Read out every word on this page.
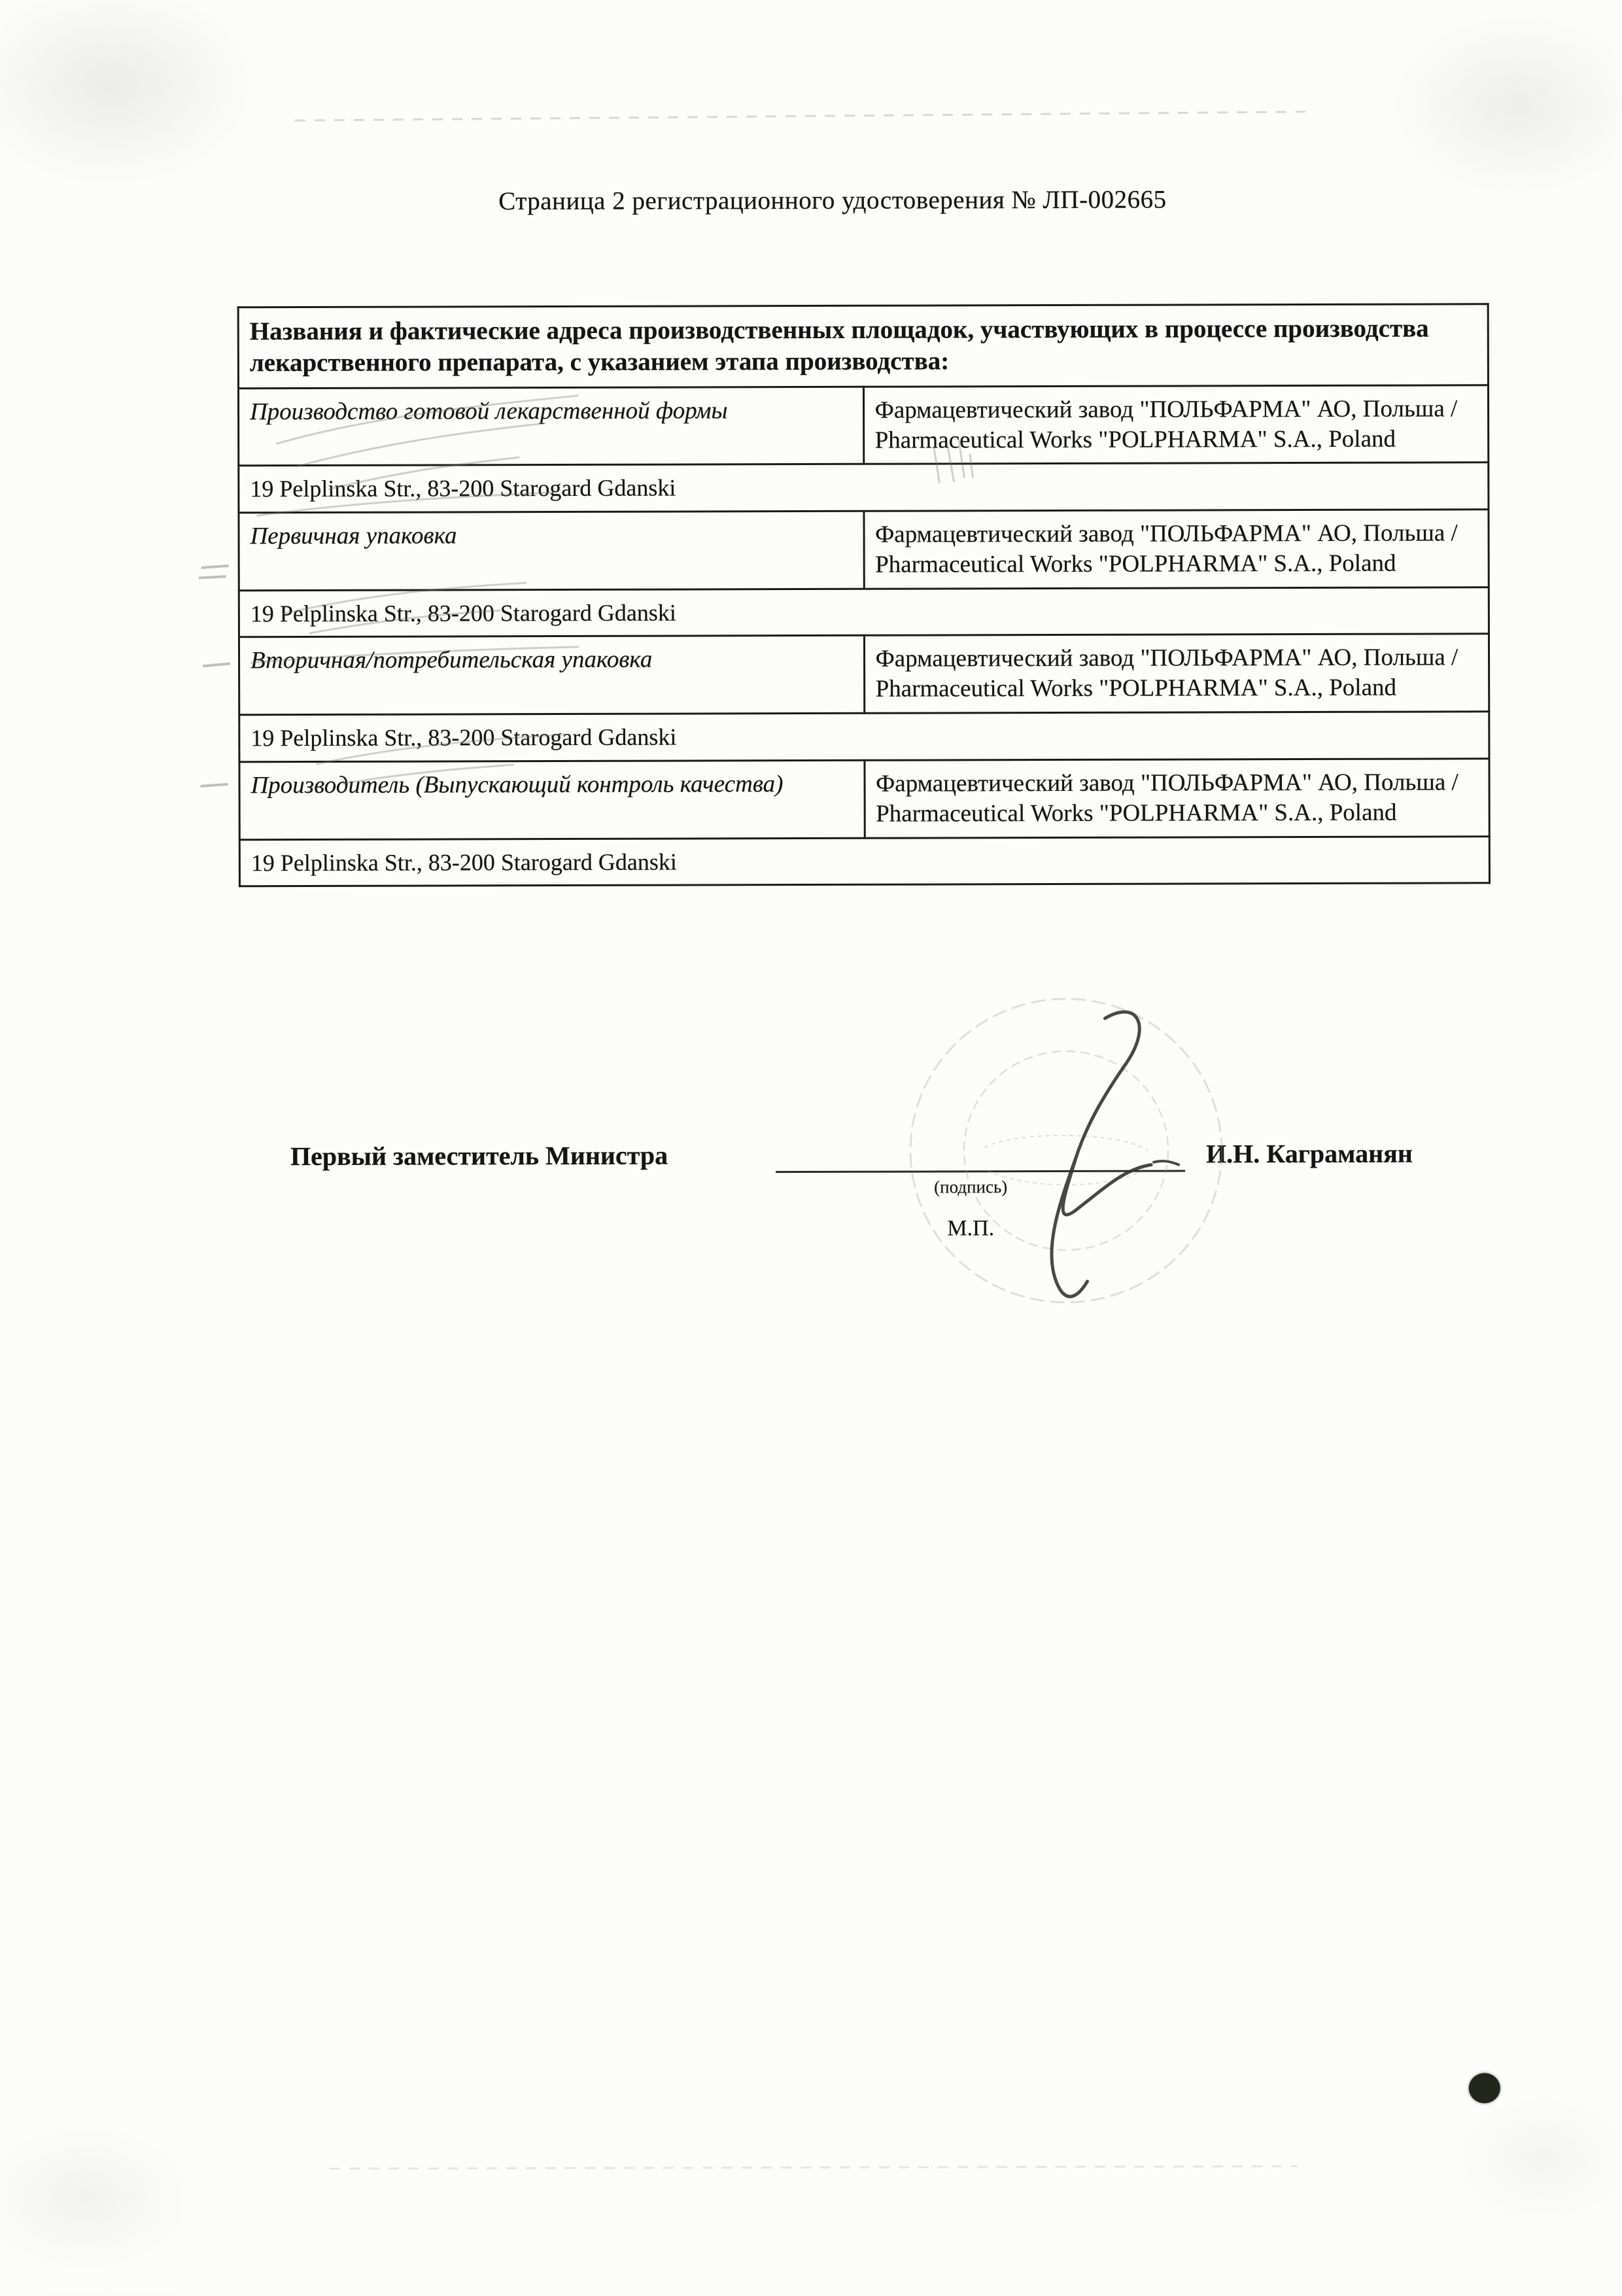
Страница 2 регистрационного удостоверения № ЛП-002665
Названия и фактические адреса производственных площадок, участвующих в процессе производства лекарственного препарата, с указанием этапа производства:	
Производство готовой лекарственной формы	Фармацевтический завод "ПОЛЬФАРМА" АО, Польша / Pharmaceutical Works "POLPHARMA" S.A., Poland
19 Pelplinska Str., 83-200 Starogard Gdanski	
Первичная упаковка	Фармацевтический завод "ПОЛЬФАРМА" АО, Польша / Pharmaceutical Works "POLPHARMA" S.A., Poland
19 Pelplinska Str., 83-200 Starogard Gdanski	
Вторичная/потребительская упаковка	Фармацевтический завод "ПОЛЬФАРМА" АО, Польша / Pharmaceutical Works "POLPHARMA" S.A., Poland
19 Pelplinska Str., 83-200 Starogard Gdanski	
Производитель (Выпускающий контроль качества)	Фармацевтический завод "ПОЛЬФАРМА" АО, Польша / Pharmaceutical Works "POLPHARMA" S.A., Poland
19 Pelplinska Str., 83-200 Starogard Gdanski	
Первый заместитель Министра
(подпись)
И.Н. Каграманян
М.П.
